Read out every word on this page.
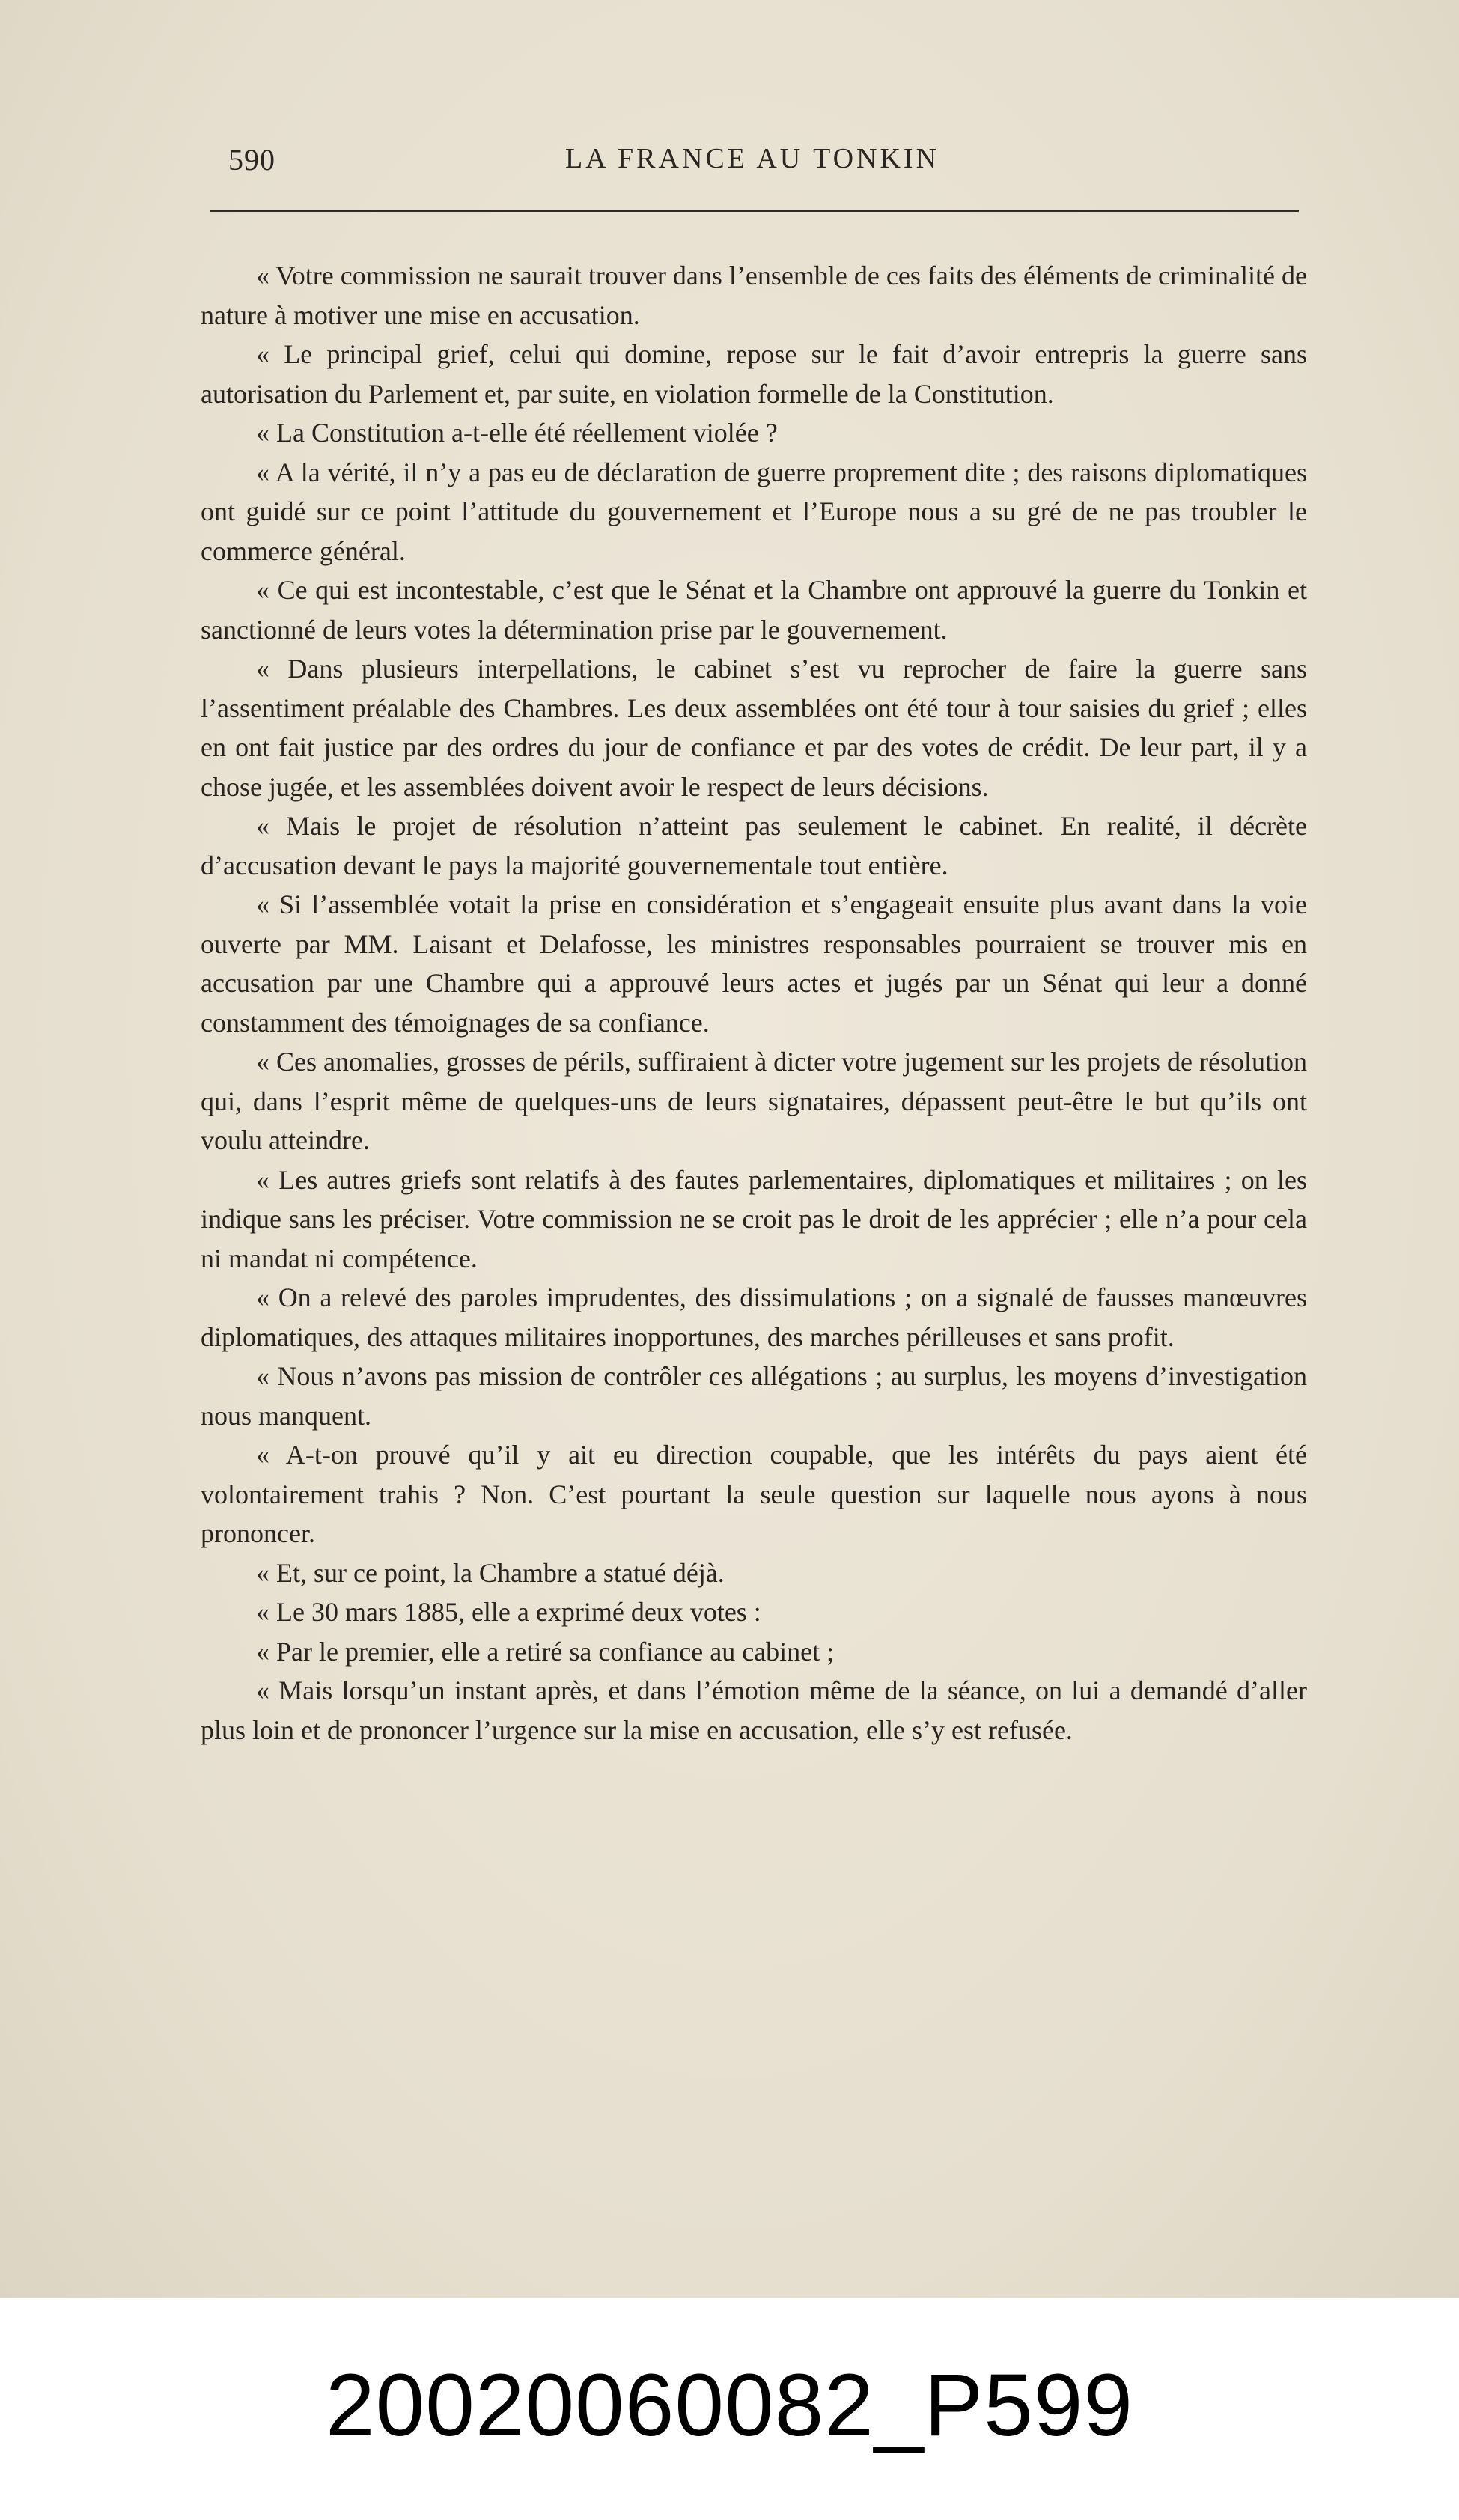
590	LA FRANCE AU TONKIN

« Votre commission ne saurait trouver dans l’ensemble de ces faits des éléments de criminalité de nature à motiver une mise en accusation.

« Le principal grief, celui qui domine, repose sur le fait d’avoir entrepris la guerre sans autorisation du Parlement et, par suite, en violation formelle de la Constitution.

« La Constitution a-t-elle été réellement violée ?

« A la vérité, il n’y a pas eu de déclaration de guerre proprement dite ; des raisons diplomatiques ont guidé sur ce point l’attitude du gouvernement et l’Europe nous a su gré de ne pas troubler le commerce général.

« Ce qui est incontestable, c’est que le Sénat et la Chambre ont approuvé la guerre du Tonkin et sanctionné de leurs votes la détermination prise par le gouvernement.

« Dans plusieurs interpellations, le cabinet s’est vu reprocher de faire la guerre sans l’assentiment préalable des Chambres. Les deux assemblées ont été tour à tour saisies du grief ; elles en ont fait justice par des ordres du jour de confiance et par des votes de crédit. De leur part, il y a chose jugée, et les assemblées doivent avoir le respect de leurs décisions.

« Mais le projet de résolution n’atteint pas seulement le cabinet. En realité, il décrète d’accusation devant le pays la majorité gouvernementale tout entière.

« Si l’assemblée votait la prise en considération et s’engageait ensuite plus avant dans la voie ouverte par MM. Laisant et Delafosse, les ministres responsables pourraient se trouver mis en accusation par une Chambre qui a approuvé leurs actes et jugés par un Sénat qui leur a donné constamment des témoignages de sa confiance.

« Ces anomalies, grosses de périls, suffiraient à dicter votre jugement sur les projets de résolution qui, dans l’esprit même de quelques-uns de leurs signataires, dépassent peut-être le but qu’ils ont voulu atteindre.

« Les autres griefs sont relatifs à des fautes parlementaires, diplomatiques et militaires ; on les indique sans les préciser. Votre commission ne se croit pas le droit de les apprécier ; elle n’a pour cela ni mandat ni compétence.

« On a relevé des paroles imprudentes, des dissimulations ; on a signalé de fausses manœuvres diplomatiques, des attaques militaires inopportunes, des marches périlleuses et sans profit.

« Nous n’avons pas mission de contrôler ces allégations ; au surplus, les moyens d’investigation nous manquent.

« A-t-on prouvé qu’il y ait eu direction coupable, que les intérêts du pays aient été volontairement trahis ? Non. C’est pourtant la seule question sur laquelle nous ayons à nous prononcer.

« Et, sur ce point, la Chambre a statué déjà.

« Le 30 mars 1885, elle a exprimé deux votes :

« Par le premier, elle a retiré sa confiance au cabinet ;

« Mais lorsqu’un instant après, et dans l’émotion même de la séance, on lui a demandé d’aller plus loin et de prononcer l’urgence sur la mise en accusation, elle s’y est refusée.

20020060082_P599
